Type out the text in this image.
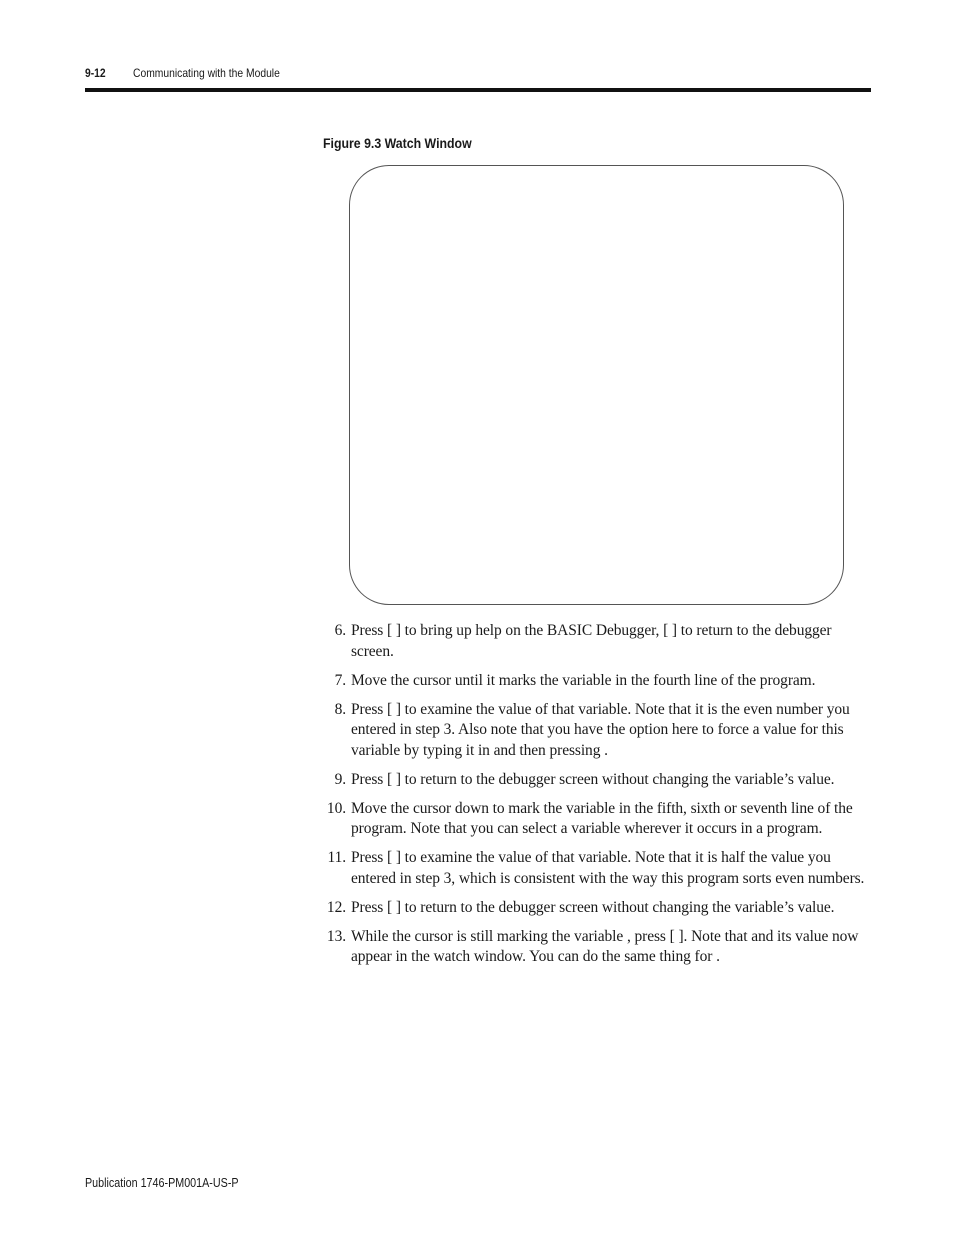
9-12 Communicating with the Module
Figure 9.3 Watch Window
6. Press [ ] to bring up help on the BASIC Debugger, [ ] to return to the debugger screen.
7. Move the cursor until it marks the variable in the fourth line of the program.
8. Press [ ] to examine the value of that variable. Note that it is the even number you entered in step 3. Also note that you have the option here to force a value for this variable by typing it in and then pressing .
9. Press [ ] to return to the debugger screen without changing the variable’s value.
10. Move the cursor down to mark the variable in the fifth, sixth or seventh line of the program. Note that you can select a variable wherever it occurs in a program.
11. Press [ ] to examine the value of that variable. Note that it is half the value you entered in step 3, which is consistent with the way this program sorts even numbers.
12. Press [ ] to return to the debugger screen without changing the variable’s value.
13. While the cursor is still marking the variable , press [ ]. Note that and its value now appear in the watch window. You can do the same thing for .
Publication 1746-PM001A-US-P
